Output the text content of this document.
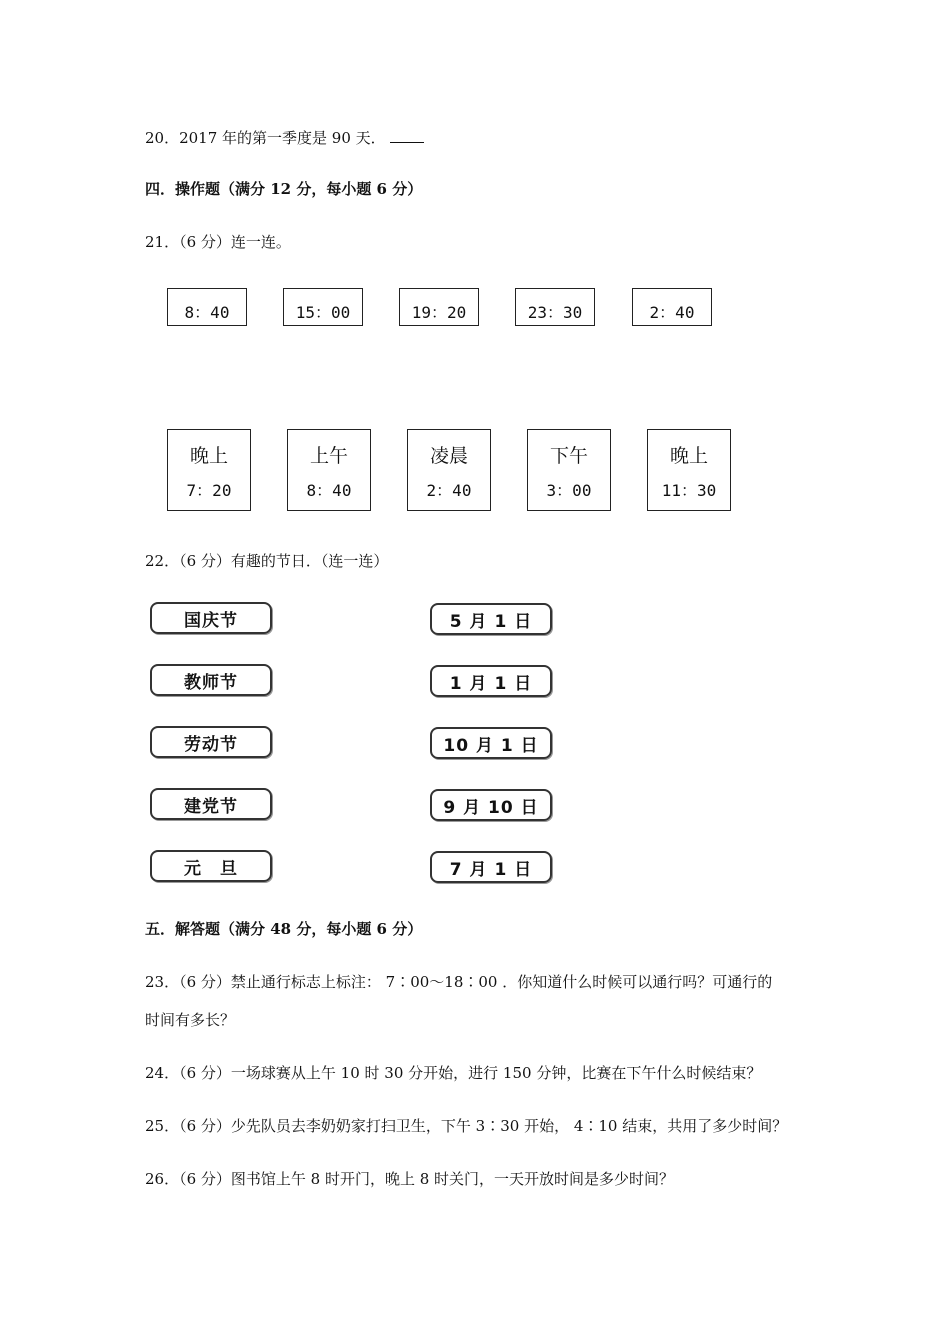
20．2017 年的第一季度是 90 天．
四．操作题（满分 12 分，每小题 6 分）
21．（6 分）连一连。
8：40	15：00	19：20	23：30	2：40
晚上
7：20
上午
8：40
凌晨
2：40
下午
3：00
晚上
11：30
22．（6 分）有趣的节日．（连一连）
国庆节
教师节
劳动节
建党节
元　旦
5 月 1 日
1 月 1 日
10 月 1 日
9 月 10 日
7 月 1 日
五．解答题（满分 48 分，每小题 6 分）
23．（6 分）禁止通行标志上标注： 7∶00～18∶00 ．你知道什么时候可以通行吗？可通行的
时间有多长？
24．（6 分）一场球赛从上午 10 时 30 分开始，进行 150 分钟，比赛在下午什么时候结束？
25．（6 分）少先队员去李奶奶家打扫卫生，下午 3∶30 开始， 4∶10 结束，共用了多少时间？
26．（6 分）图书馆上午 8 时开门，晚上 8 时关门，一天开放时间是多少时间？
